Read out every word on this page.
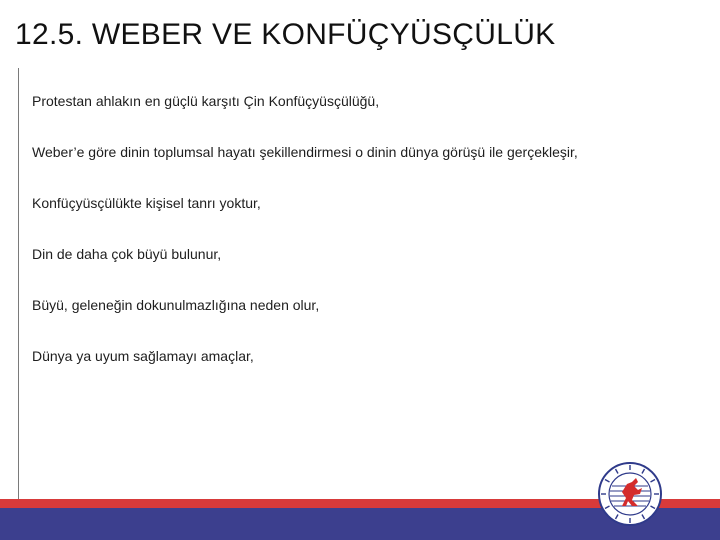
12.5. WEBER VE KONFÜÇYÜSÇÜLÜK
Protestan ahlakın en güçlü karşıtı Çin Konfüçyüsçülüğü,
Weber’e göre dinin toplumsal hayatı şekillendirmesi o dinin dünya görüşü ile gerçekleşir,
Konfüçyüsçülükte kişisel tanrı yoktur,
Din de daha çok büyü bulunur,
Büyü, geleneğin dokunulmazlığına neden olur,
Dünya ya uyum sağlamayı amaçlar,
